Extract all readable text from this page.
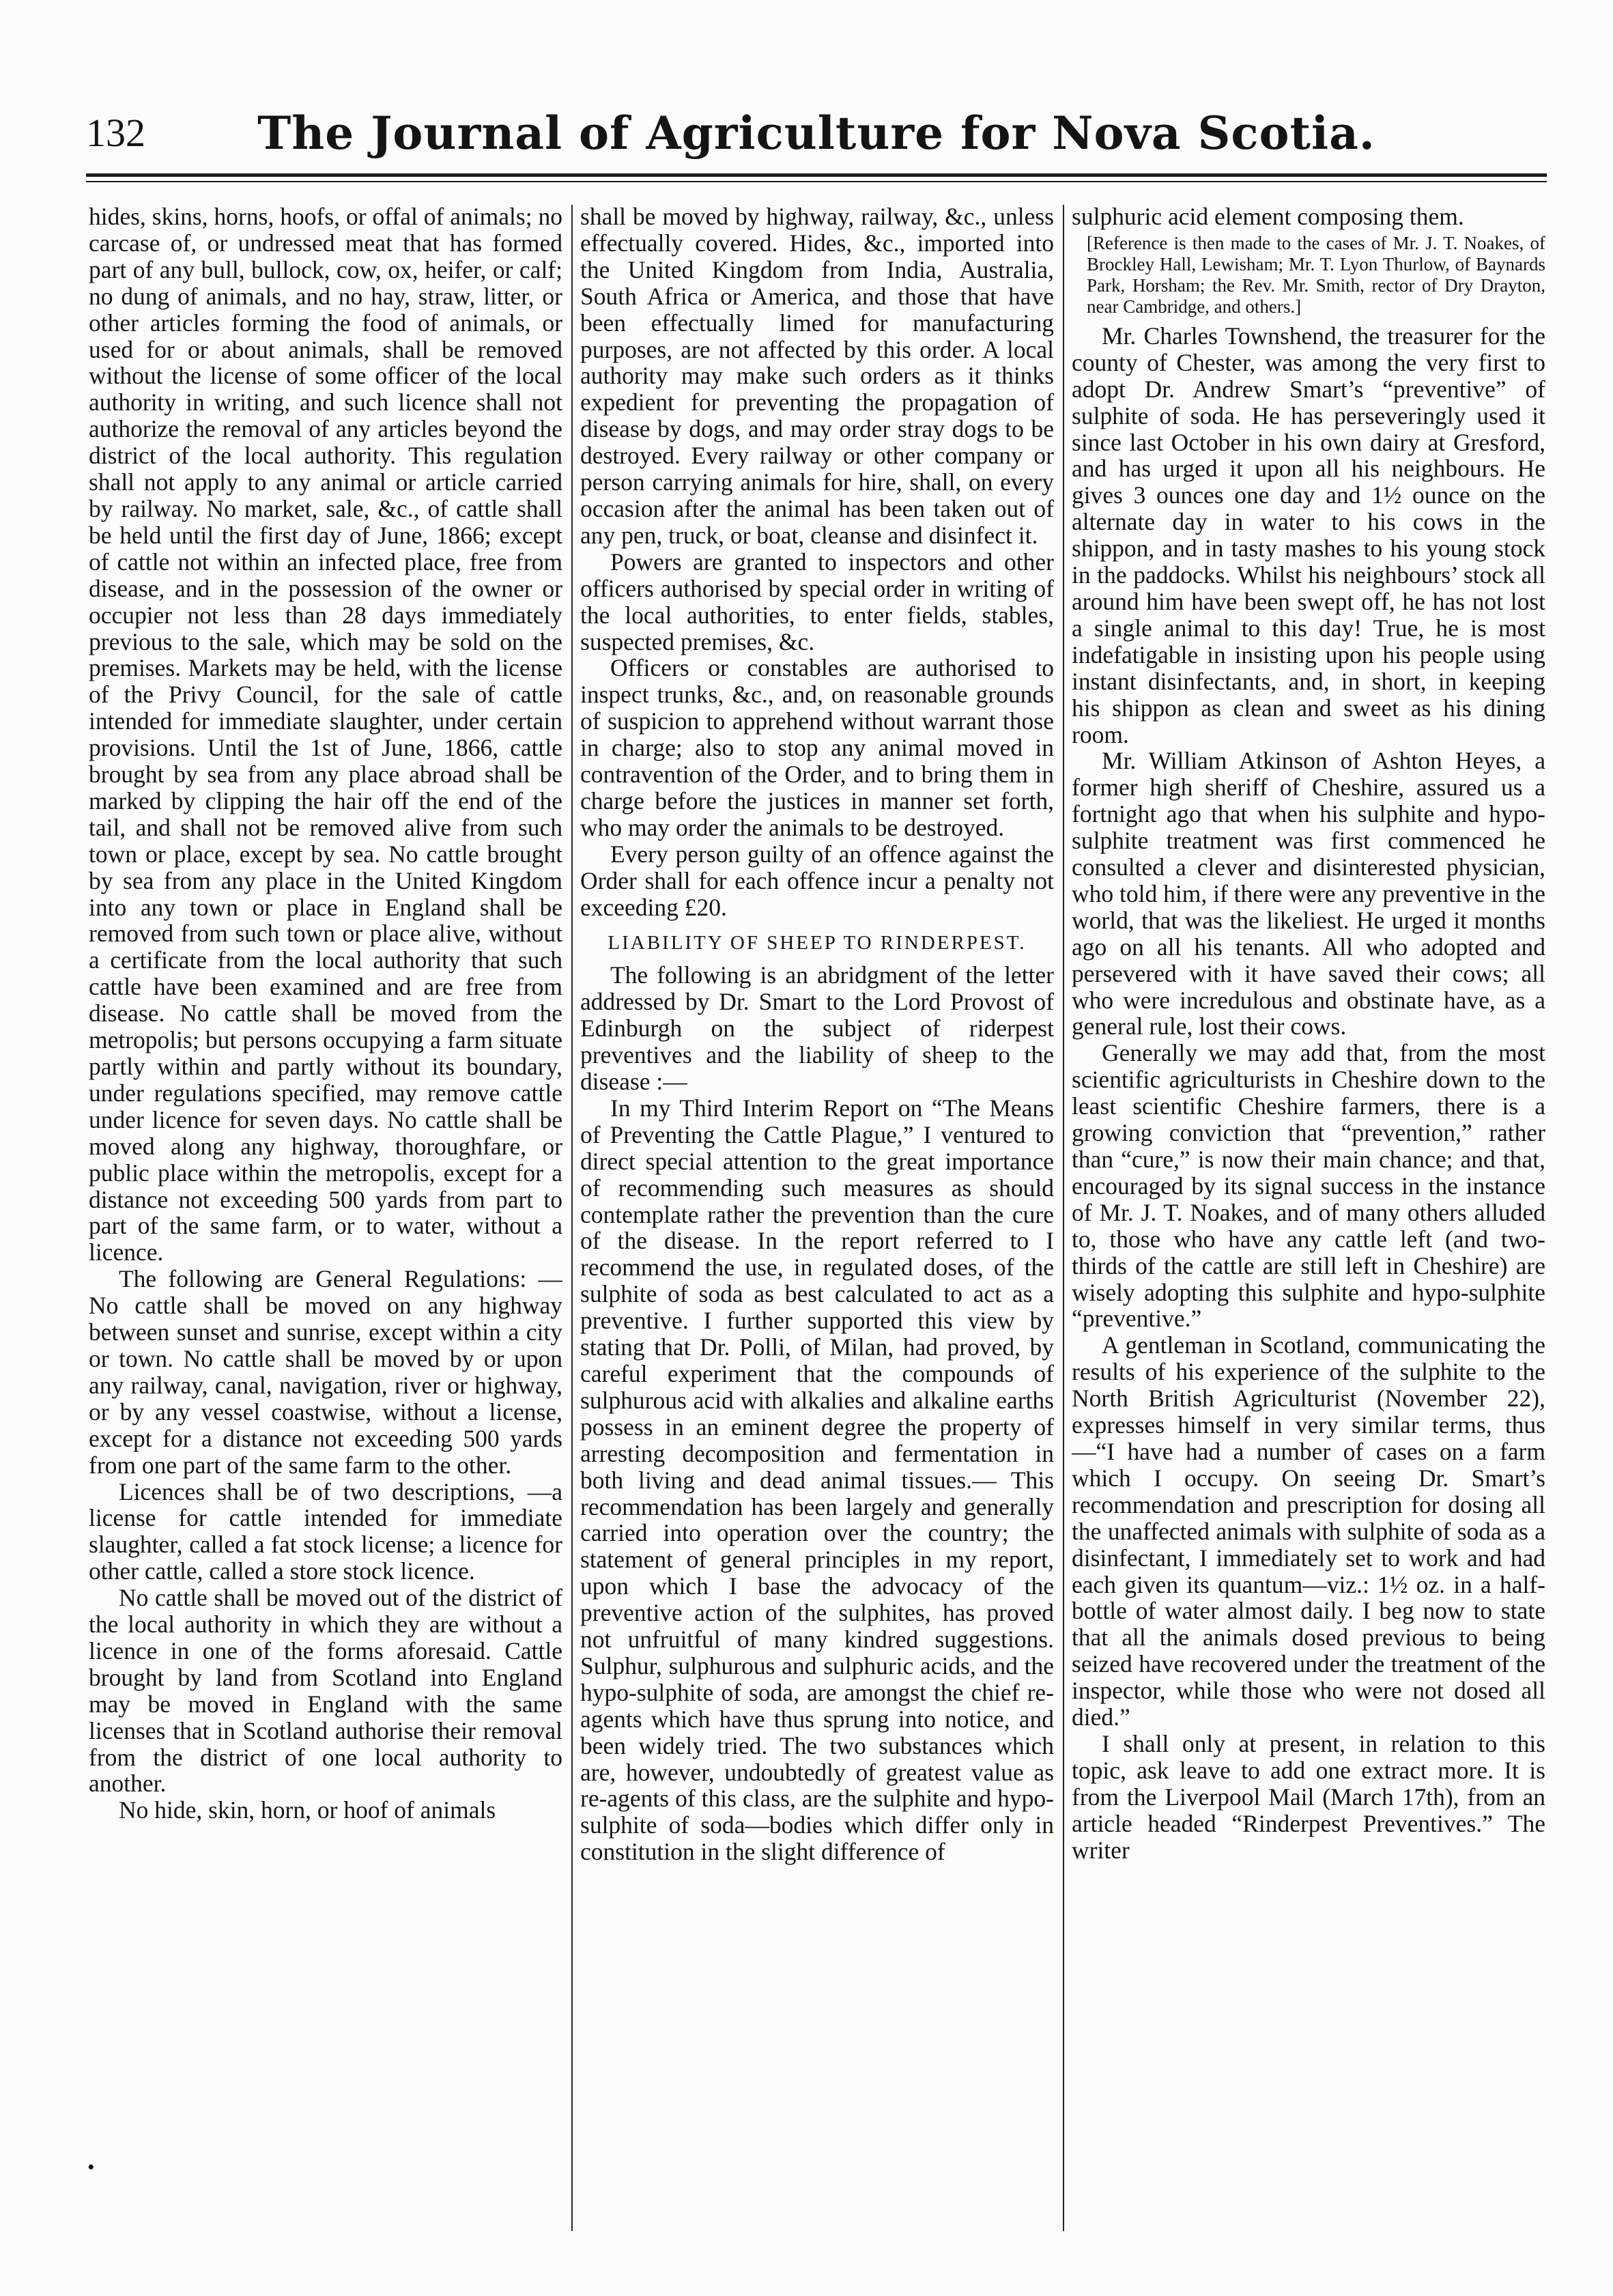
132	The Journal of Agriculture for Nova Scotia.

hides, skins, horns, hoofs, or offal of animals; no carcase of, or undressed meat that has formed part of any bull, bullock, cow, ox, heifer, or calf; no dung of animals, and no hay, straw, litter, or other articles forming the food of animals, or used for or about animals, shall be removed without the license of some officer of the local authority in writing, and such licence shall not authorize the removal of any articles beyond the district of the local authority. This regulation shall not apply to any animal or article carried by railway. No market, sale, &c., of cattle shall be held until the first day of June, 1866; except of cattle not within an infected place, free from disease, and in the possession of the owner or occupier not less than 28 days immediately previous to the sale, which may be sold on the premises. Markets may be held, with the license of the Privy Council, for the sale of cattle intended for immediate slaughter, under certain provisions. Until the 1st of June, 1866, cattle brought by sea from any place abroad shall be marked by clipping the hair off the end of the tail, and shall not be removed alive from such town or place, except by sea. No cattle brought by sea from any place in the United Kingdom into any town or place in England shall be removed from such town or place alive, without a certificate from the local authority that such cattle have been examined and are free from disease. No cattle shall be moved from the metropolis; but persons occupying a farm situate partly within and partly without its boundary, under regulations specified, may remove cattle under licence for seven days. No cattle shall be moved along any highway, thoroughfare, or public place within the metropolis, except for a distance not exceeding 500 yards from part to part of the same farm, or to water, without a licence.

The following are General Regulations: —No cattle shall be moved on any highway between sunset and sunrise, except within a city or town. No cattle shall be moved by or upon any railway, canal, navigation, river or highway, or by any vessel coastwise, without a license, except for a distance not exceeding 500 yards from one part of the same farm to the other.

Licences shall be of two descriptions, —a license for cattle intended for immediate slaughter, called a fat stock license; a licence for other cattle, called a store stock licence.

No cattle shall be moved out of the district of the local authority in which they are without a licence in one of the forms aforesaid. Cattle brought by land from Scotland into England may be moved in England with the same licenses that in Scotland authorise their removal from the district of one local authority to another.

No hide, skin, horn, or hoof of animals

shall be moved by highway, railway, &c., unless effectually covered. Hides, &c., imported into the United Kingdom from India, Australia, South Africa or America, and those that have been effectually limed for manufacturing purposes, are not affected by this order. A local authority may make such orders as it thinks expedient for preventing the propagation of disease by dogs, and may order stray dogs to be destroyed. Every railway or other company or person carrying animals for hire, shall, on every occasion after the animal has been taken out of any pen, truck, or boat, cleanse and disinfect it.

Powers are granted to inspectors and other officers authorised by special order in writing of the local authorities, to enter fields, stables, suspected premises, &c.

Officers or constables are authorised to inspect trunks, &c., and, on reasonable grounds of suspicion to apprehend without warrant those in charge; also to stop any animal moved in contravention of the Order, and to bring them in charge before the justices in manner set forth, who may order the animals to be destroyed.

Every person guilty of an offence against the Order shall for each offence incur a penalty not exceeding £20.

LIABILITY OF SHEEP TO RINDERPEST.

The following is an abridgment of the letter addressed by Dr. Smart to the Lord Provost of Edinburgh on the subject of riderpest preventives and the liability of sheep to the disease :—

In my Third Interim Report on “The Means of Preventing the Cattle Plague,” I ventured to direct special attention to the great importance of recommending such measures as should contemplate rather the prevention than the cure of the disease. In the report referred to I recommend the use, in regulated doses, of the sulphite of soda as best calculated to act as a preventive. I further supported this view by stating that Dr. Polli, of Milan, had proved, by careful experiment that the compounds of sulphurous acid with alkalies and alkaline earths possess in an eminent degree the property of arresting decomposition and fermentation in both living and dead animal tissues.— This recommendation has been largely and generally carried into operation over the country; the statement of general principles in my report, upon which I base the advocacy of the preventive action of the sulphites, has proved not unfruitful of many kindred suggestions. Sulphur, sulphurous and sulphuric acids, and the hypo-sulphite of soda, are amongst the chief re-agents which have thus sprung into notice, and been widely tried. The two substances which are, however, undoubtedly of greatest value as re-agents of this class, are the sulphite and hypo-sulphite of soda—bodies which differ only in constitution in the slight difference of

sulphuric acid element composing them.

[Reference is then made to the cases of Mr. J. T. Noakes, of Brockley Hall, Lewisham; Mr. T. Lyon Thurlow, of Baynards Park, Horsham; the Rev. Mr. Smith, rector of Dry Drayton, near Cambridge, and others.]

Mr. Charles Townshend, the treasurer for the county of Chester, was among the very first to adopt Dr. Andrew Smart’s “preventive” of sulphite of soda. He has perseveringly used it since last October in his own dairy at Gresford, and has urged it upon all his neighbours. He gives 3 ounces one day and 1½ ounce on the alternate day in water to his cows in the shippon, and in tasty mashes to his young stock in the paddocks. Whilst his neighbours’ stock all around him have been swept off, he has not lost a single animal to this day! True, he is most indefatigable in insisting upon his people using instant disinfectants, and, in short, in keeping his shippon as clean and sweet as his dining room.

Mr. William Atkinson of Ashton Heyes, a former high sheriff of Cheshire, assured us a fortnight ago that when his sulphite and hypo-sulphite treatment was first commenced he consulted a clever and disinterested physician, who told him, if there were any preventive in the world, that was the likeliest. He urged it months ago on all his tenants. All who adopted and persevered with it have saved their cows; all who were incredulous and obstinate have, as a general rule, lost their cows.

Generally we may add that, from the most scientific agriculturists in Cheshire down to the least scientific Cheshire farmers, there is a growing conviction that “prevention,” rather than “cure,” is now their main chance; and that, encouraged by its signal success in the instance of Mr. J. T. Noakes, and of many others alluded to, those who have any cattle left (and two-thirds of the cattle are still left in Cheshire) are wisely adopting this sulphite and hypo-sulphite “preventive.”

A gentleman in Scotland, communicating the results of his experience of the sulphite to the North British Agriculturist (November 22), expresses himself in very similar terms, thus—“I have had a number of cases on a farm which I occupy. On seeing Dr. Smart’s recommendation and prescription for dosing all the unaffected animals with sulphite of soda as a disinfectant, I immediately set to work and had each given its quantum—viz.: 1½ oz. in a half-bottle of water almost daily. I beg now to state that all the animals dosed previous to being seized have recovered under the treatment of the inspector, while those who were not dosed all died.”

I shall only at present, in relation to this topic, ask leave to add one extract more. It is from the Liverpool Mail (March 17th), from an article headed “Rinderpest Preventives.” The writer

•
